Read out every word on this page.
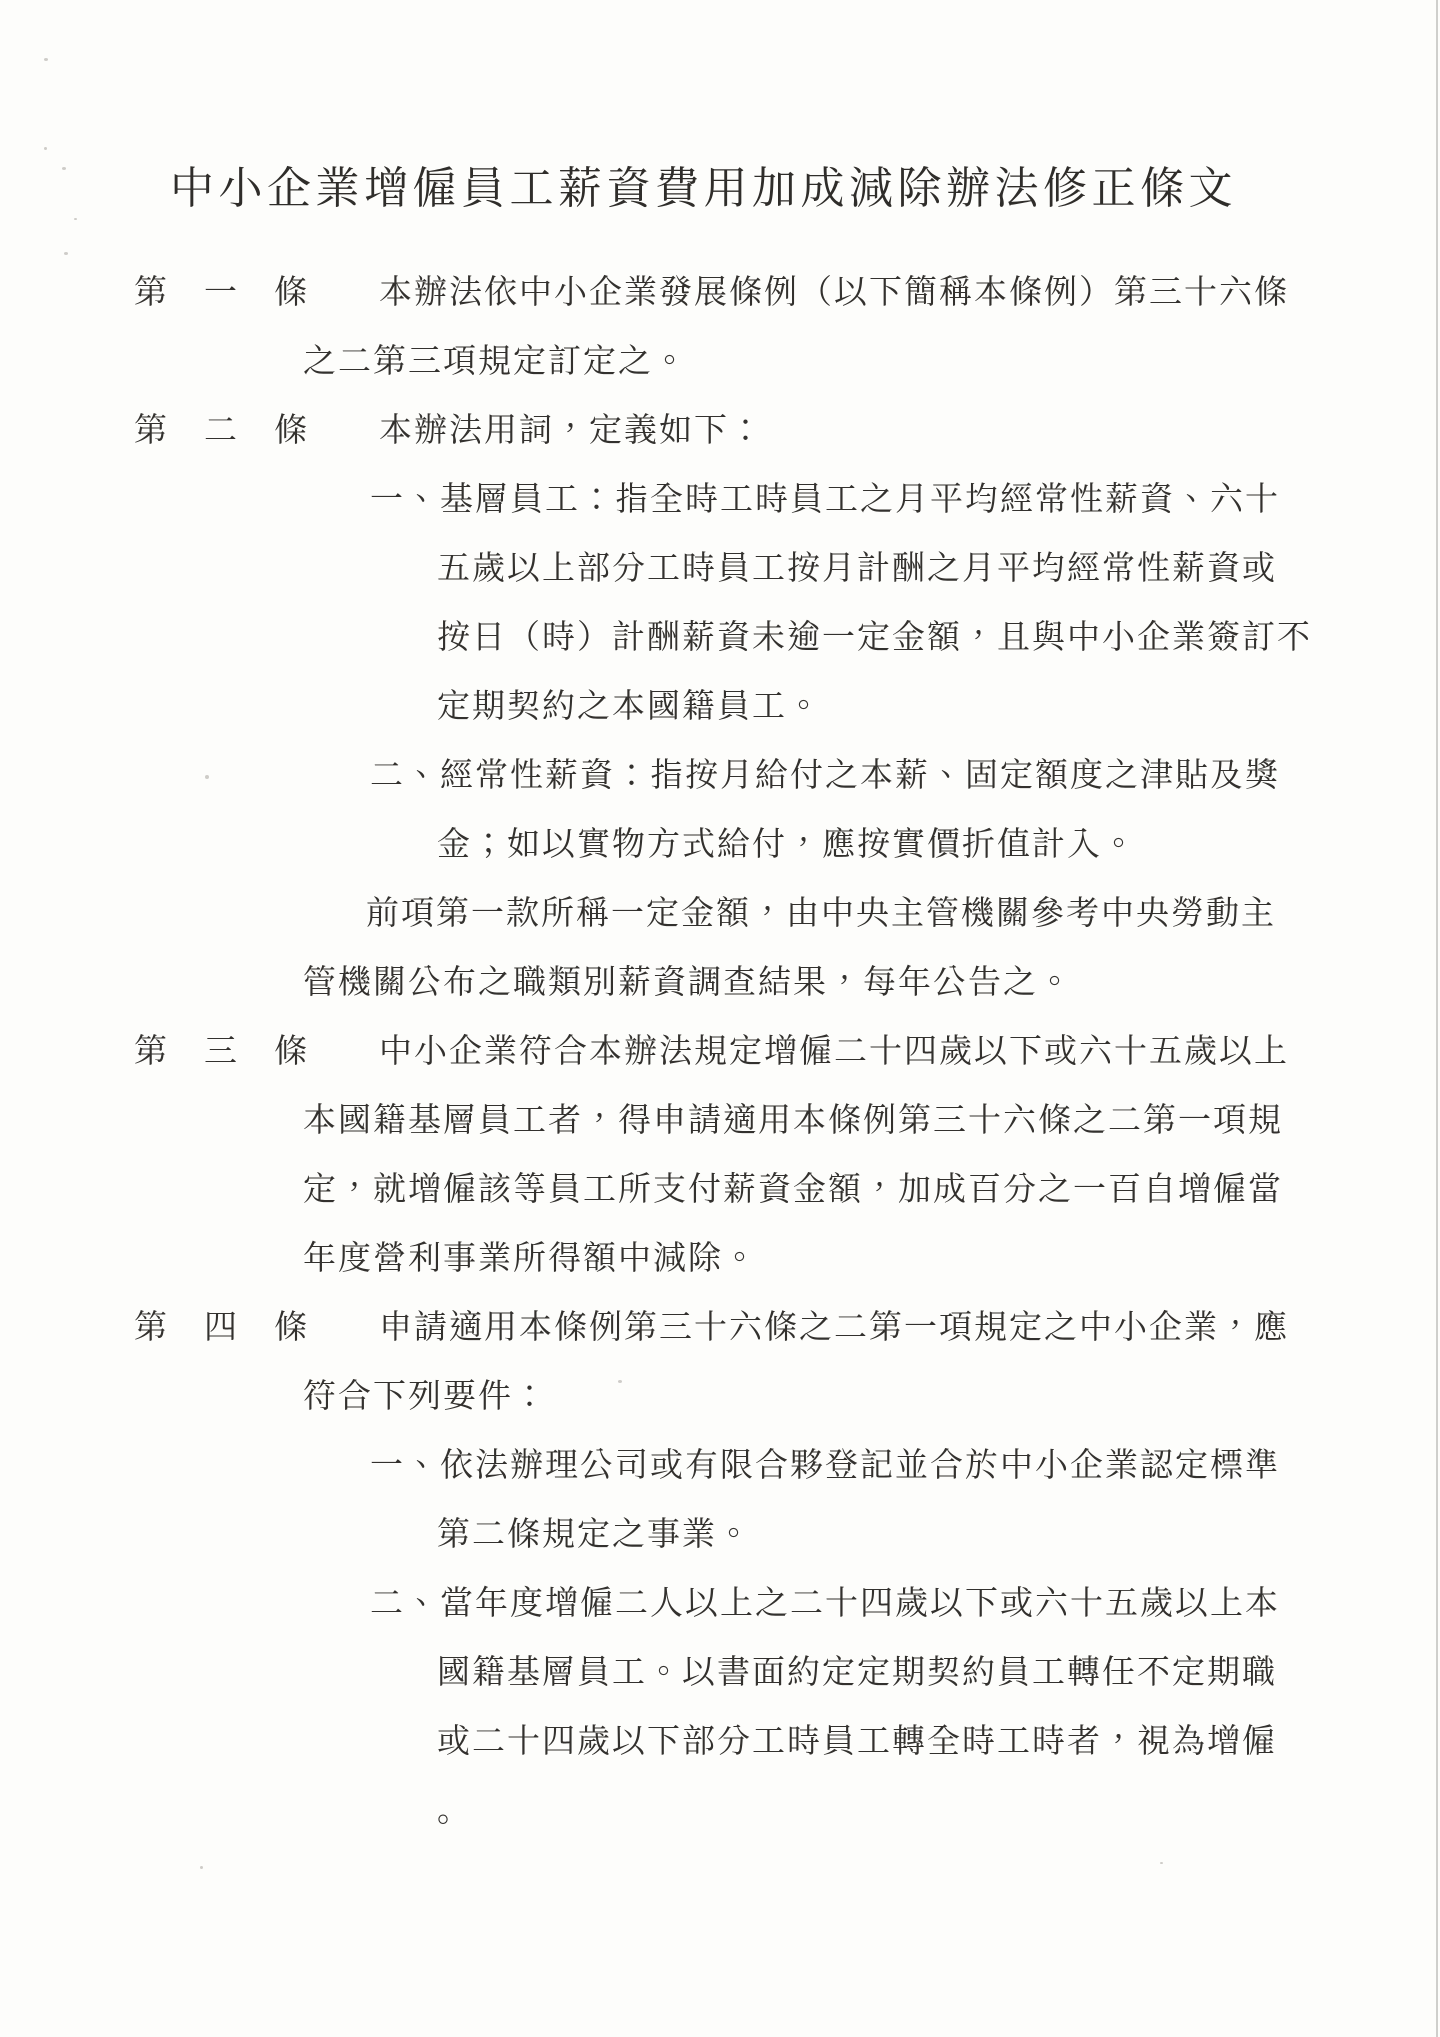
中小企業增僱員工薪資費用加成減除辦法修正條文
第　一　條 本辦法依中小企業發展條例（以下簡稱本條例）第三十六條
之二第三項規定訂定之。
第　二　條 本辦法用詞，定義如下：
一、基層員工：指全時工時員工之月平均經常性薪資、六十
五歲以上部分工時員工按月計酬之月平均經常性薪資或
按日（時）計酬薪資未逾一定金額，且與中小企業簽訂不
定期契約之本國籍員工。
二、經常性薪資：指按月給付之本薪、固定額度之津貼及獎
金；如以實物方式給付，應按實價折值計入。
前項第一款所稱一定金額，由中央主管機關參考中央勞動主
管機關公布之職類別薪資調查結果，每年公告之。
第　三　條 中小企業符合本辦法規定增僱二十四歲以下或六十五歲以上
本國籍基層員工者，得申請適用本條例第三十六條之二第一項規
定，就增僱該等員工所支付薪資金額，加成百分之一百自增僱當
年度營利事業所得額中減除。
第　四　條 申請適用本條例第三十六條之二第一項規定之中小企業，應
符合下列要件：
一、依法辦理公司或有限合夥登記並合於中小企業認定標準
第二條規定之事業。
二、當年度增僱二人以上之二十四歲以下或六十五歲以上本
國籍基層員工。以書面約定定期契約員工轉任不定期職
或二十四歲以下部分工時員工轉全時工時者，視為增僱
。
